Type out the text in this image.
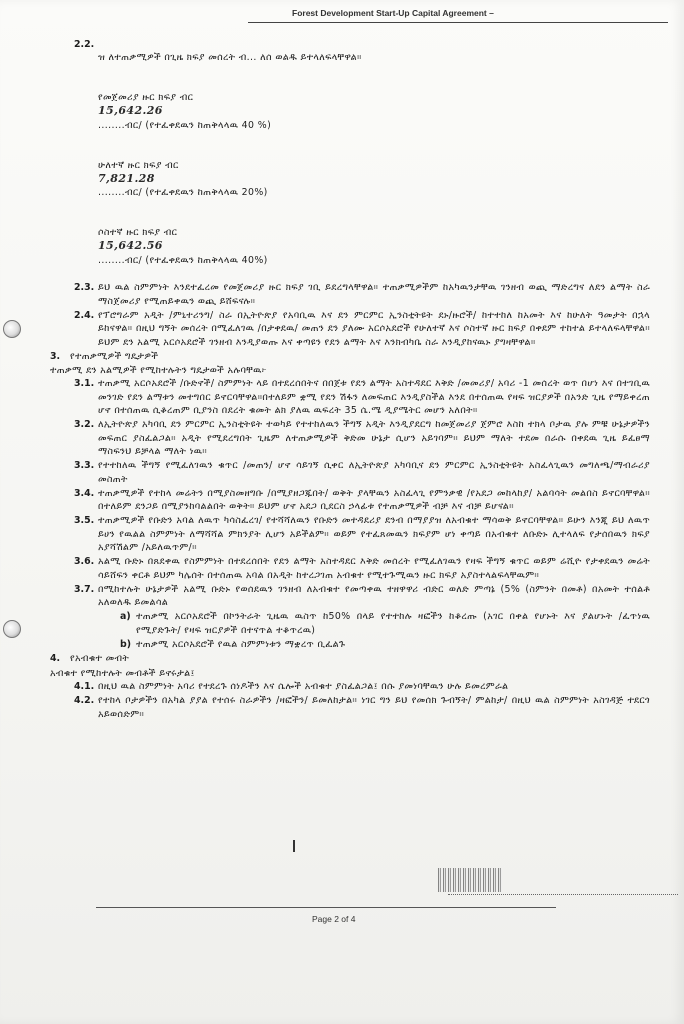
Forest Development Start-Up Capital Agreement –
2.2.

ዝ ለተጠቃሚዎች በጊዜ ክፍያ መሰረት ብ... ለሰ ወልዱ ይተላለፍላቸዋል።

የመጀመሪያ ዙር ክፍያ ብር
15,642.26
........ብር/ (የተፈቀደዉን ከጠቅላላዉ 40 %)

ሁለተኛ ዙር ክፍያ ብር
7,821.28
........ብር/ (የተፈቀደዉን ከጠቅላላዉ 20%)

ሶስተኛ ዙር ክፍያ ብር
15,642.56
........ብር/ (የተፈቀደዉን ከጠቅላላዉ 40%)

2.3. ይህ ዉል ስምምነት እንደተፈረመ የመጀመሪያ ዙር ክፍያ ገቢ ይደረግላቸዋል። ተጠቃሚዎችም ከአካዉንታቸዉ ገንዘብ ወጪ ማድረግና ለደን ልማት ስራ ማስጀመሪያ የሚጠይቀዉን ወጪ ይሸፍናሉ።
2.4. የፕሮግራም አዲት /ምኒተሪንግ/ ስራ በኢትዮጵያ የአባቢዉ እና ደን ምርምር ኢንስቲትዩት ደኑ/ዙሮች/ ከተተከለ ከአመት እና ከሁለት ዓመታት በኋላ ይከናዋል። በዚህ ግኝት መሰረት በሚፈለገዉ /በታቀደዉ/ መጠን ደን ያለሙ አርሶአደሮች የሁለተኛ እና ሶስተኛ ዙር ክፍያ በቀደም ተከተል ይተላለፍላቸዋል። ይህም ደን አልሚ አርሶአደሮች ገንዘብ እንዲያወጡ እና ቀጣዩን የደን ልማት እና እንክብካቤ ስራ እንዲያከናዉኑ ያግዛቸዋል።
3. የተጠቃሚዎች ግዴታዎች
ተጠቃሚ ደን አልሚዎች የሚከተሉትን ግዴታወች አሉባቸዉ፦
3.1. ተጠቃሚ አርሶአደሮች /ቡድኖች/ ስምምነት ላይ በተደረሰበትና በበጀቱ የደን ልማት አስተዳደር እቅድ /መመሪያ/ አባሪ -1 መሰረት ወጥ በሆነ እና በተገቢዉ መንገድ የደን ልማቱን መተግበር ይኖርባቸዋል።በተለይም ቋሚ የደን ሽፋን ለመፍጠር እንዲያስችል እንደ በተሰጠዉ የዛፍ ዝርያዎች በአንድ ጊዜ የማይቀረጠ ሆኖ በተሰጠዉ ሲቆረጠም ቢያንስ በደረት ቁመት ልክ ያለዉ ዉፍረት 35 ሴ.ሜ ዲያሜትር መሆን አለበት።
3.2. ለኢትዮጵያ አካባቢ ደን ምርምር ኢንስቲትዩት ተወካይ የተተከለዉን ችግኝ አዲት እንዲያደርግ ከመጀመሪያ ጀምሮ እስከ ተክላ ቦታዉ ያሉ ምቹ ሁኔታዎችን መፍጠር ያስፈልጋል። አዲት የሚደረግበት ጊዜም ለተጠቃሚዎች ቅድመ ሁኔታ ሲሆን አይገባም። ይህም ማለት ተደመ በራሱ በቀደዉ ጊዜ ይፈፀማ ማስፍንህ ይቻላል ማለት ነዉ።
3.3. የተተከለዉ ችግኝ የሚፈለገዉን ቁጥር /መጠን/ ሆኖ ሳይገኝ ሲቀር ለኢትዮጵያ አካባቢና ደን ምርምር ኢንስቲትዩት አስፈላጊዉን መግለጫ/ማብራሪያ መስጠት
3.4. ተጠቃሚዎች የተከላ መሬትን በሚያስመዘግቡ /በሚያዘጋጁበት/ ወቅት ያላቸዉን አስፈላጊ የምንቃዊ /የአደጋ መከላከያ/ አልባሳት መልበስ ይኖርባቸዋል። በተለይም ደንጋይ በሚያንከባልልበት ወቅት። ይህም ሆኖ አደጋ ቢደርስ ኃላፊቱ የተጠቃሚዎች ብቻ እና ብቻ ይሆናል።
3.5. ተጠቃሚዎች የቡድን አባል ለዉጥ ካሳስፈረገ/ የተሻሻለዉን የቡድን መተዳደሪያ ደንብ በማያያዝ ለአብቁተ ማሳወቅ ይኖርባቸዋል። ይሁን እንጂ ይህ ለዉጥ ይሀን የዉልል ስምምነት ለማሻሻል ምክንያት ሊሆን አይችልም። ወይም የተፈጸመዉን ክፍያም ሆነ ቀጣይ በአብቁተ ለቡድኑ ሊተላለፍ የታሰበዉን ክፍያ አያሻሽልም /አይለዉጥም/።
3.6. አልሚ ቡድኑ በጸደቀዉ የስምምነት በተደረሰበት የደን ልማት አስተዳደር እቅድ መሰረት የሚፈለገዉን የዛፍ ችግኝ ቁጥር ወይም ሬሺዮ የታቀደዉን መሬት ሳይሸፍን ቀርቶ ይህም ካሌሰት በተሰጠዉ አባል በአዲት ከተረጋገጠ አብቁተ የሚተጉሚዉን ዙር ክፍያ አያስተላልፍላቸዉም።
3.7. በሚከተሉት ሁኔታዎች አልሚ ቡድኑ የወሰደዉን ገንዘብ ለአብቁተ የመጣቀዉ ተዘዋዋሪ ብድር ወለድ ምጣኔ (5% (ስምንት በመቶ) በአመት ተሰልቶ አለወለዱ ይመልሳል
a) ተጠቃሚ አርሶአደሮች በኮንትራት ጊዜዉ ዉስጥ ከ50% በላይ የተተከሉ ዛፎችን ከቆረጡ (አገር በቀል የሆኑት እና ያልሆኑት /ፈጥነዉ የሚያድጉት/ የዛፍ ዝርያዎች በተናጥል ተቆጥረዉ)
b) ተጠቃሚ አርሶአደሮች የዉል ስምምነቱን ማቋረጥ ቢፈልጉ
4. የአብቁተ መብት
አብቁተ የሚከተሉት መብቶች ይኖሩታል፤
4.1. በዚህ ዉል ስምምነት አባሪ የተደረጉ ሰነዶችን እና ሴሎች አብቁተ ያስፈልጋል፤ በሱ ያመነባቸዉን ሁሉ ይመረምራል
4.2. የተከላ ቦታዎችን በአካል ያያል የተሰሩ ስራዎችን /ዛፎችን/ ይመለከታል። ነገር ግን ይህ የመሰክ ጉብኝት/ ምልከታ/ በዚህ ዉል ስምምነት አስገዳጅ ተደርጎ አይወሰድም።
Page 2 of 4
